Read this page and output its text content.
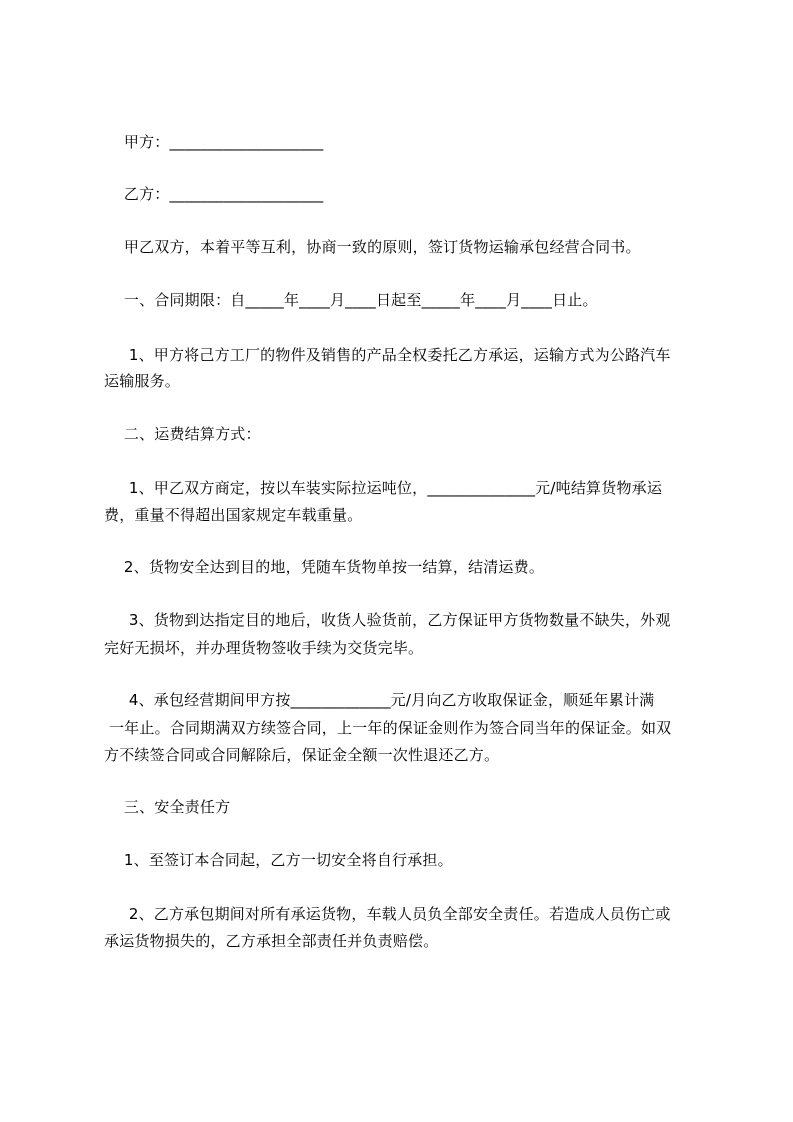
甲方：____________________
乙方：____________________
甲乙双方，本着平等互利，协商一致的原则，签订货物运输承包经营合同书。
一、合同期限：自_____年____月____日起至_____年____月____日止。
1、甲方将己方工厂的物件及销售的产品全权委托乙方承运，运输方式为公路汽车
运输服务。
二、运费结算方式：
1、甲乙双方商定，按以车装实际拉运吨位，______________元/吨结算货物承运
费，重量不得超出国家规定车载重量。
2、货物安全达到目的地，凭随车货物单按一结算，结清运费。
3、货物到达指定目的地后，收货人验货前，乙方保证甲方货物数量不缺失，外观
完好无损坏，并办理货物签收手续为交货完毕。
4、承包经营期间甲方按_____________元/月向乙方收取保证金，顺延年累计满
一年止。合同期满双方续签合同，上一年的保证金则作为签合同当年的保证金。如双
方不续签合同或合同解除后，保证金全额一次性退还乙方。
三、安全责任方
1、至签订本合同起，乙方一切安全将自行承担。
2、乙方承包期间对所有承运货物，车载人员负全部安全责任。若造成人员伤亡或
承运货物损失的，乙方承担全部责任并负责赔偿。
